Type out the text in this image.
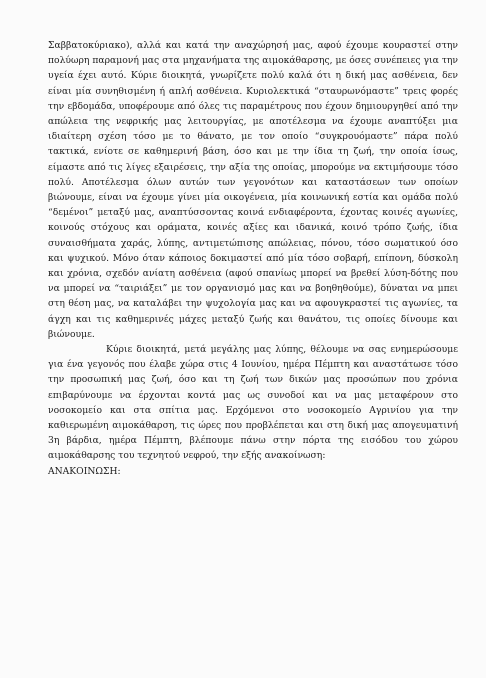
Σαββατοκύριακο), αλλά και κατά την αναχώρησή μας, αφού έχουμε κουραστεί στην πολύωρη παραμονή μας στα μηχανήματα της αιμοκάθαρσης, με όσες συνέπειες για την υγεία έχει αυτό. Κύριε διοικητά, γνωρίζετε πολύ καλά ότι η δική μας ασθένεια, δεν είναι μία συνηθισμένη ή απλή ασθένεια. Κυριολεκτικά “σταυρωνόμαστε” τρεις φορές την εβδομάδα, υποφέρουμε από όλες τις παραμέτρους που έχουν δημιουργηθεί από την απώλεια της νεφρικής μας λειτουργίας, με αποτέλεσμα να έχουμε αναπτύξει μια ιδιαίτερη σχέση τόσο με το θάνατο, με τον οποίο “συγκρουόμαστε” πάρα πολύ τακτικά, ενίοτε σε καθημερινή βάση, όσο και με την ίδια τη ζωή, την οποία ίσως, είμαστε από τις λίγες εξαιρέσεις, την αξία της οποίας, μπορούμε να εκτιμήσουμε τόσο πολύ. Αποτέλεσμα όλων αυτών των γεγονότων και καταστάσεων των οποίων βιώνουμε, είναι να έχουμε γίνει μία οικογένεια, μία κοινωνική εστία και ομάδα πολύ “δεμένοι” μεταξύ μας, αναπτύσσοντας κοινά ενδιαφέροντα, έχοντας κοινές αγωνίες, κοινούς στόχους και οράματα, κοινές αξίες και ιδανικά, κοινό τρόπο ζωής, ίδια συναισθήματα χαράς, λύπης, αντιμετώπισης απώλειας, πόνου, τόσο σωματικού όσο και ψυχικού. Μόνο όταν κάποιος δοκιμαστεί από μία τόσο σοβαρή, επίπονη, δύσκολη και χρόνια, σχεδόν ανίατη ασθένεια (αφού σπανίως μπορεί να βρεθεί λύση-δότης που να μπορεί να “ταιριάξει” με τον οργανισμό μας και να βοηθηθούμε), δύναται να μπει στη θέση μας, να καταλάβει την ψυχολογία μας και να αφουγκραστεί τις αγωνίες, τα άγχη και τις καθημερινές μάχες μεταξύ ζωής και θανάτου, τις οποίες δίνουμε και βιώνουμε.

Κύριε διοικητά, μετά μεγάλης μας λύπης, θέλουμε να σας ενημερώσουμε για ένα γεγονός που έλαβε χώρα στις 4 Ιουνίου, ημέρα Πέμπτη και αναστάτωσε τόσο την προσωπική μας ζωή, όσο και τη ζωή των δικών μας προσώπων που χρόνια επιβαρύνουμε να έρχονται κοντά μας ως συνοδοί και να μας μεταφέρουν στο νοσοκομείο και στα σπίτια μας. Ερχόμενοι στο νοσοκομείο Αγρινίου για την καθιερωμένη αιμοκάθαρση, τις ώρες που προβλέπεται και στη δική μας απογευματινή 3η βάρδια, ημέρα Πέμπτη, βλέπουμε πάνω στην πόρτα της εισόδου του χώρου αιμοκάθαρσης του τεχνητού νεφρού, την εξής ανακοίνωση:

ΑΝΑΚΟΙΝΩΣΗ:
